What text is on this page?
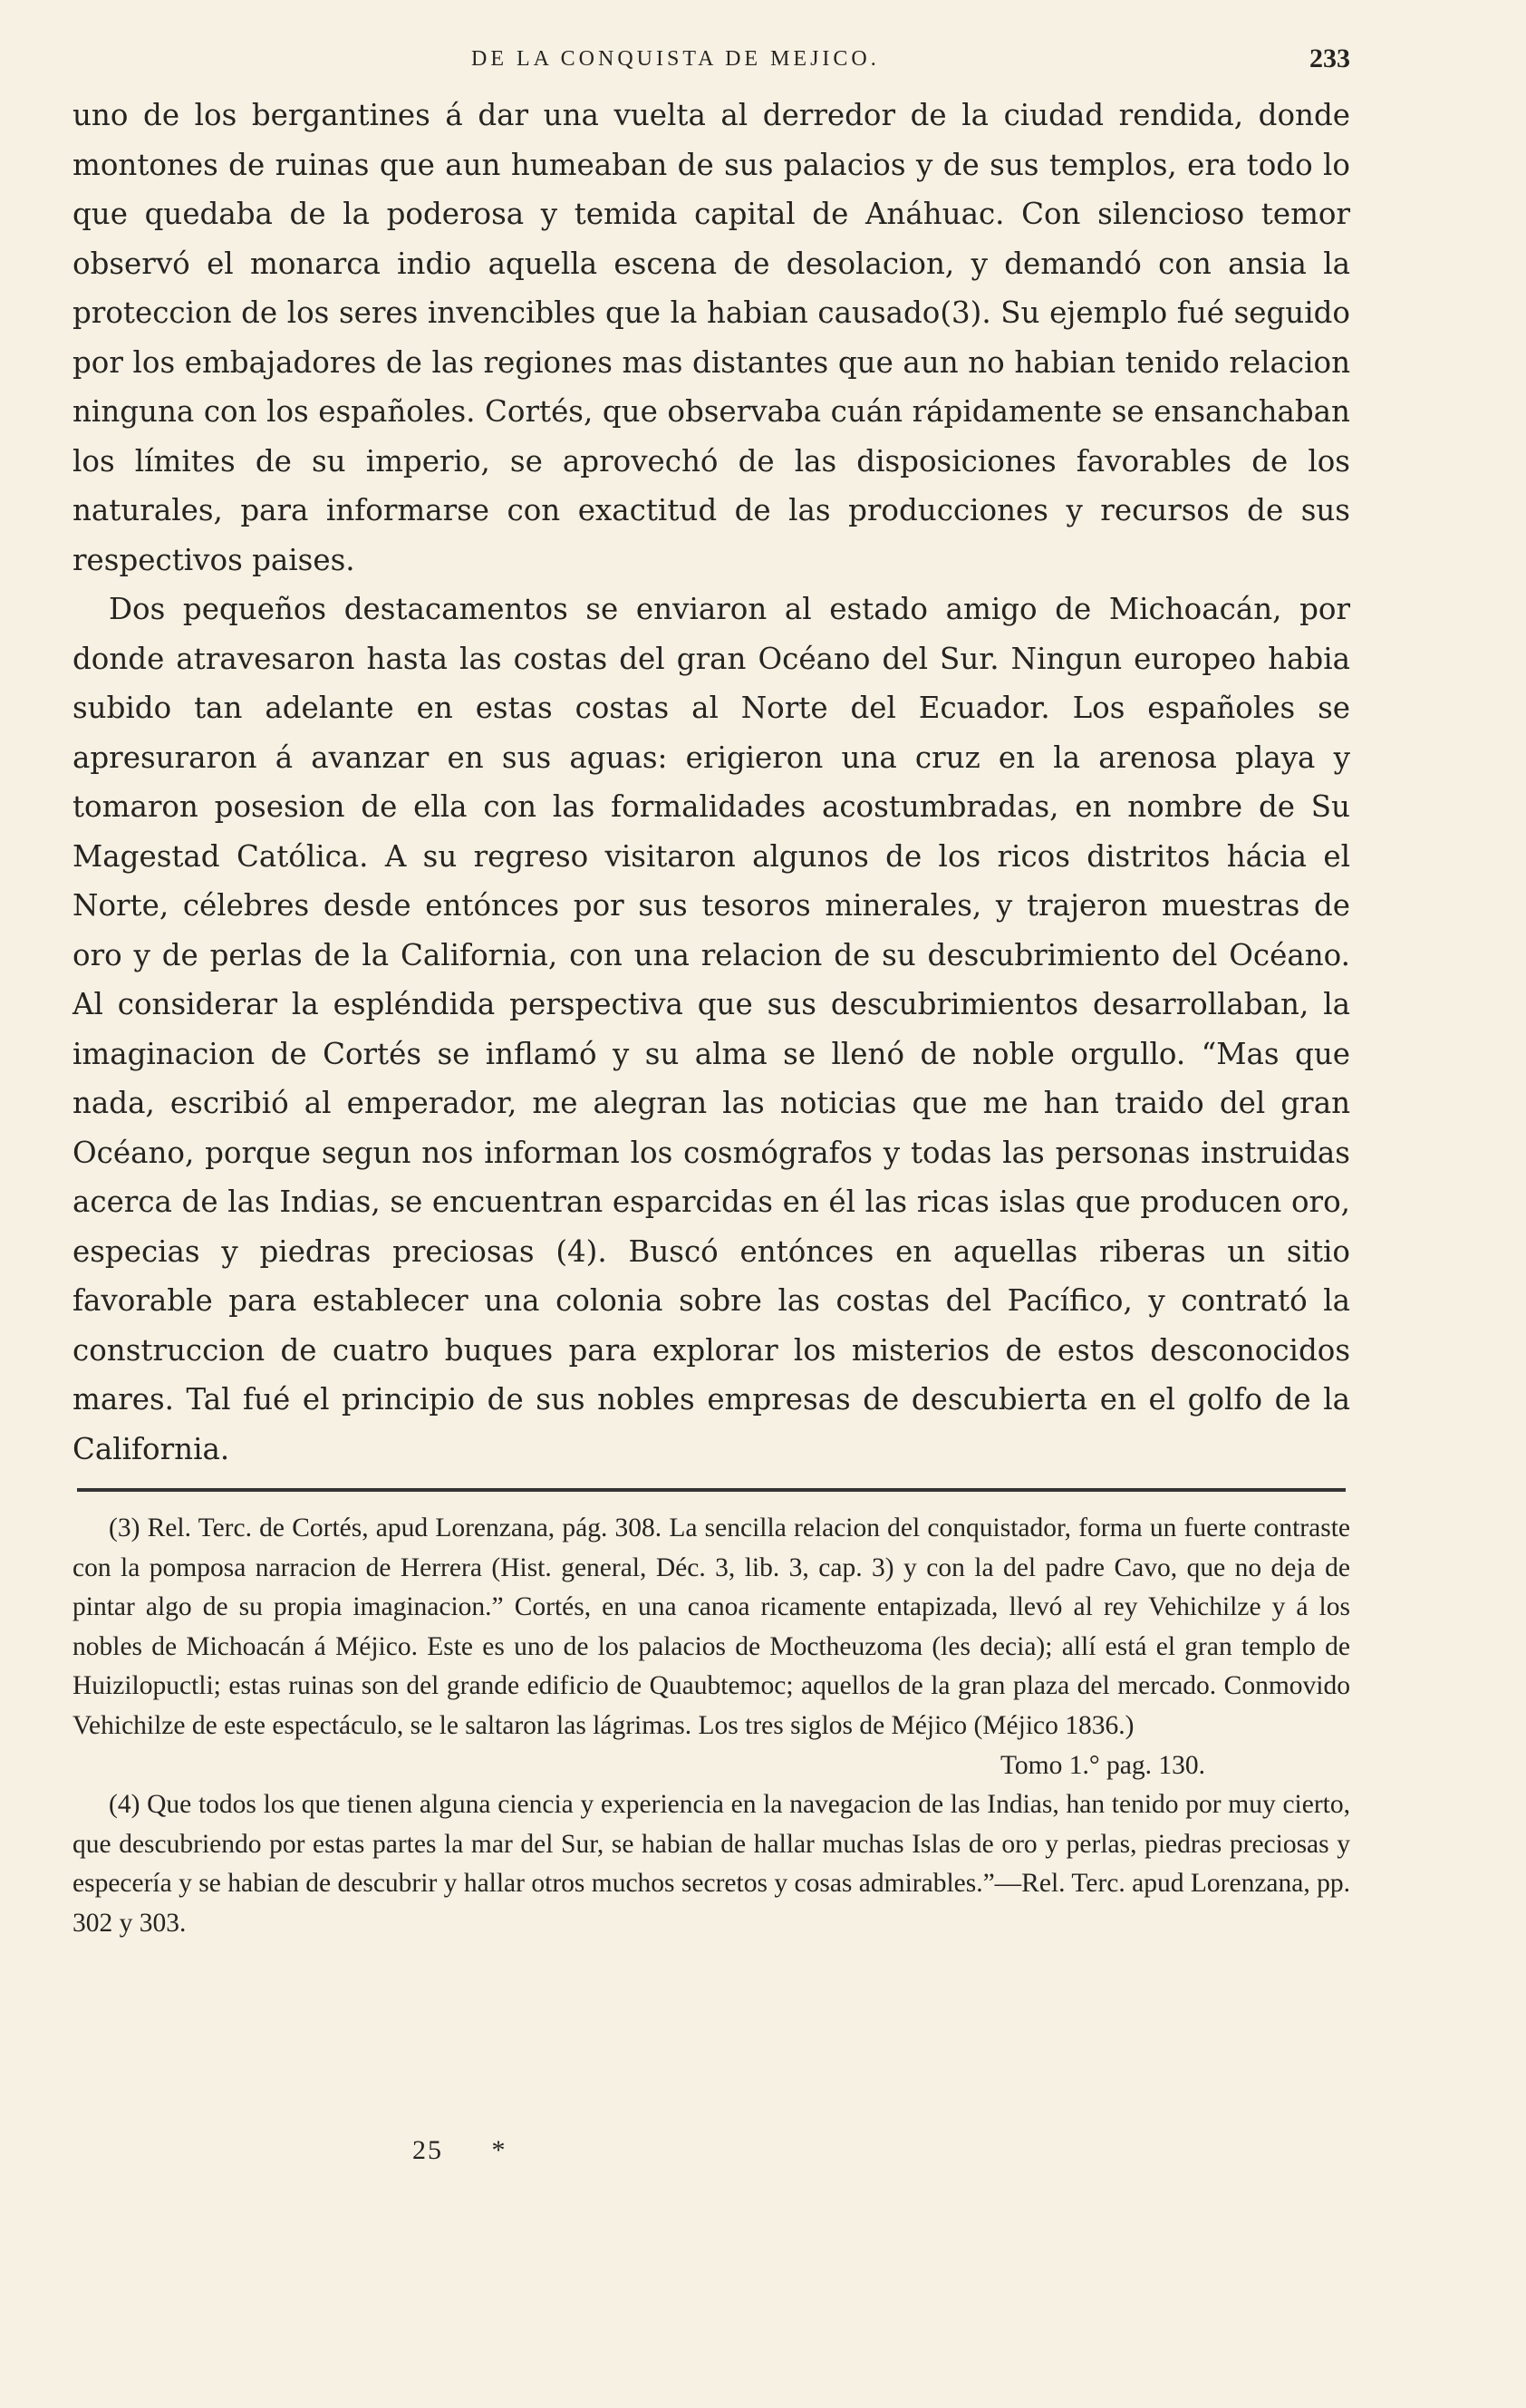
DE LA CONQUISTA DE MEJICO.	233

uno de los bergantines á dar una vuelta al derredor de la ciudad rendida, donde montones de ruinas que aun humeaban de sus palacios y de sus templos, era todo lo que quedaba de la poderosa y temida capital de Anáhuac. Con silencioso temor observó el monarca indio aquella escena de desolacion, y demandó con ansia la proteccion de los seres invencibles que la habian causado(3). Su ejemplo fué seguido por los embajadores de las regiones mas distantes que aun no habian tenido relacion ninguna con los españoles. Cortés, que observaba cuán rápidamente se ensanchaban los límites de su imperio, se aprovechó de las disposiciones favorables de los naturales, para informarse con exactitud de las producciones y recursos de sus respectivos paises.

Dos pequeños destacamentos se enviaron al estado amigo de Michoacán, por donde atravesaron hasta las costas del gran Océano del Sur. Ningun europeo habia subido tan adelante en estas costas al Norte del Ecuador. Los españoles se apresuraron á avanzar en sus aguas: erigieron una cruz en la arenosa playa y tomaron posesion de ella con las formalidades acostumbradas, en nombre de Su Magestad Católica. A su regreso visitaron algunos de los ricos distritos hácia el Norte, célebres desde entónces por sus tesoros minerales, y trajeron muestras de oro y de perlas de la California, con una relacion de su descubrimiento del Océano. Al considerar la espléndida perspectiva que sus descubrimientos desarrollaban, la imaginacion de Cortés se inflamó y su alma se llenó de noble orgullo. “Mas que nada, escribió al emperador, me alegran las noticias que me han traido del gran Océano, porque segun nos informan los cosmógrafos y todas las personas instruidas acerca de las Indias, se encuentran esparcidas en él las ricas islas que producen oro, especias y piedras preciosas (4). Buscó entónces en aquellas riberas un sitio favorable para establecer una colonia sobre las costas del Pacífico, y contrató la construccion de cuatro buques para explorar los misterios de estos desconocidos mares. Tal fué el principio de sus nobles empresas de descubierta en el golfo de la California.

(3) Rel. Terc. de Cortés, apud Lorenzana, pág. 308. La sencilla relacion del conquistador, forma un fuerte contraste con la pomposa narracion de Herrera (Hist. general, Déc. 3, lib. 3, cap. 3) y con la del padre Cavo, que no deja de pintar algo de su propia imaginacion.” Cortés, en una canoa ricamente entapizada, llevó al rey Vehichilze y á los nobles de Michoacán á Méjico. Este es uno de los palacios de Moctheuzoma (les decia); allí está el gran templo de Huizilopuctli; estas ruinas son del grande edificio de Quaubtemoc; aquellos de la gran plaza del mercado. Conmovido Vehichilze de este espectáculo, se le saltaron las lágrimas. Los tres siglos de Méjico (Méjico 1836.)

Tomo 1.° pag. 130.

(4) Que todos los que tienen alguna ciencia y experiencia en la navegacion de las Indias, han tenido por muy cierto, que descubriendo por estas partes la mar del Sur, se habian de hallar muchas Islas de oro y perlas, piedras preciosas y especería y se habian de descubrir y hallar otros muchos secretos y cosas admirables.”—Rel. Terc. apud Lorenzana, pp. 302 y 303.

25 *
